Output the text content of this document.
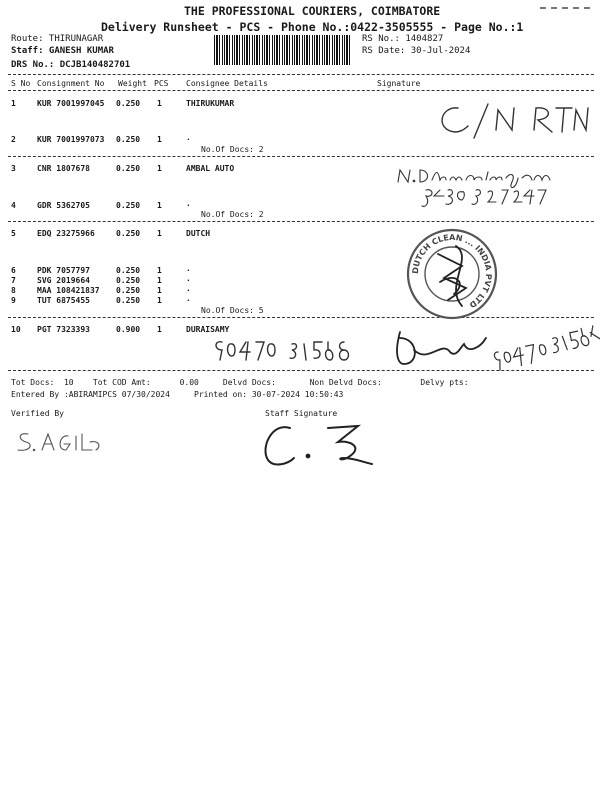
THE PROFESSIONAL COURIERS, COIMBATORE
Delivery Runsheet - PCS - Phone No.:0422-3505555 - Page No.:1
Route: THIRUNAGAR
Staff: GANESH KUMAR
DRS No.: DCJB140482701
RS No.: 1404827
RS Date: 30-Jul-2024
S No Consignment No Weight PCS Consignee Details	Signature
1	KUR 7001997045 0.250 1	THIRUKUMAR
2	KUR 7001997073 0.250 1	.
No.Of Docs: 2
3	CNR 1807678	0.250 1	AMBAL AUTO
4	GDR 5362705	0.250 1	.
No.Of Docs: 2
5	EDQ 23275966	0.250 1	DUTCH
6	PDK 7057797	0.250 1	.
7	SVG 2019664	0.250 1	.
8	MAA 108421837 0.250 1	.
9	TUT 6875455	0.250 1	.
No.Of Docs: 5
DUTCH CLEAN ... INDIA PVT LTD
10 PGT 7323393	0.900 1	DURAISAMY
Tot Docs:  10    Tot COD Amt:      0.00     Delvd Docs:       Non Delvd Docs:        Delvy pts:
Entered By :ABIRAMIPCS 07/30/2024     Printed on: 30-07-2024 10:50:43
Verified By	Staff Signature
